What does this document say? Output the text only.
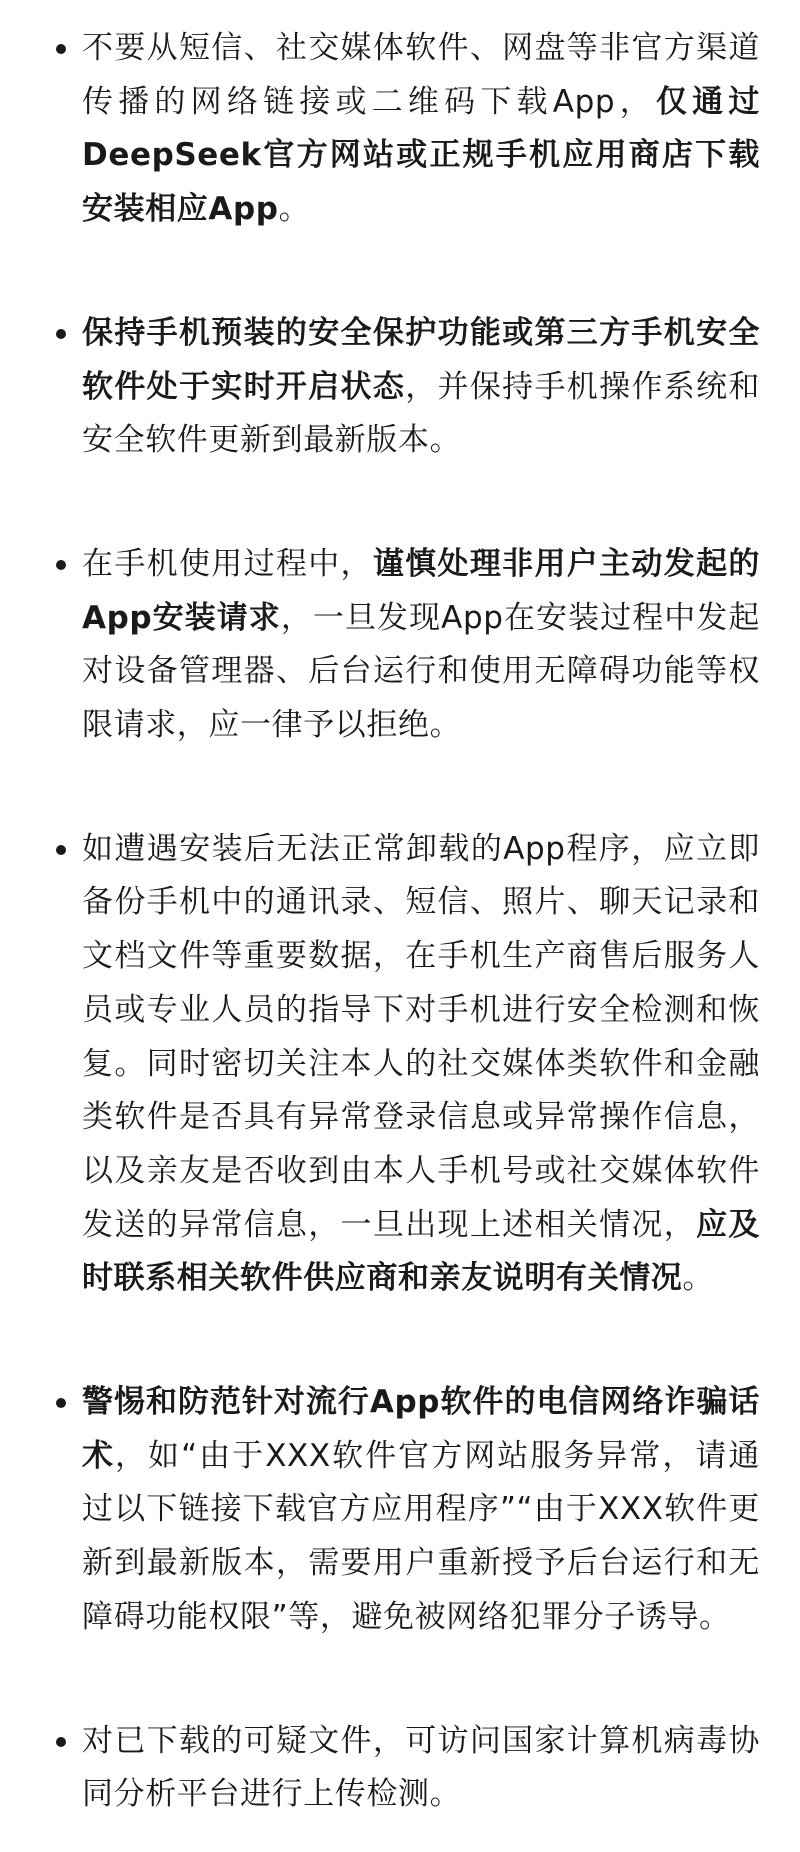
不要从短信、社交媒体软件、网盘等非官方渠道传播的网络链接或二维码下载App，仅通过DeepSeek官方网站或正规手机应用商店下载安装相应App。
保持手机预装的安全保护功能或第三方手机安全软件处于实时开启状态，并保持手机操作系统和安全软件更新到最新版本。
在手机使用过程中，谨慎处理非用户主动发起的App安装请求，一旦发现App在安装过程中发起对设备管理器、后台运行和使用无障碍功能等权限请求，应一律予以拒绝。
如遭遇安装后无法正常卸载的App程序，应立即备份手机中的通讯录、短信、照片、聊天记录和文档文件等重要数据，在手机生产商售后服务人员或专业人员的指导下对手机进行安全检测和恢复。同时密切关注本人的社交媒体类软件和金融类软件是否具有异常登录信息或异常操作信息，以及亲友是否收到由本人手机号或社交媒体软件发送的异常信息，一旦出现上述相关情况，应及时联系相关软件供应商和亲友说明有关情况。
警惕和防范针对流行App软件的电信网络诈骗话术，如“由于XXX软件官方网站服务异常，请通过以下链接下载官方应用程序”“由于XXX软件更新到最新版本，需要用户重新授予后台运行和无障碍功能权限”等，避免被网络犯罪分子诱导。
对已下载的可疑文件，可访问国家计算机病毒协同分析平台进行上传检测。
